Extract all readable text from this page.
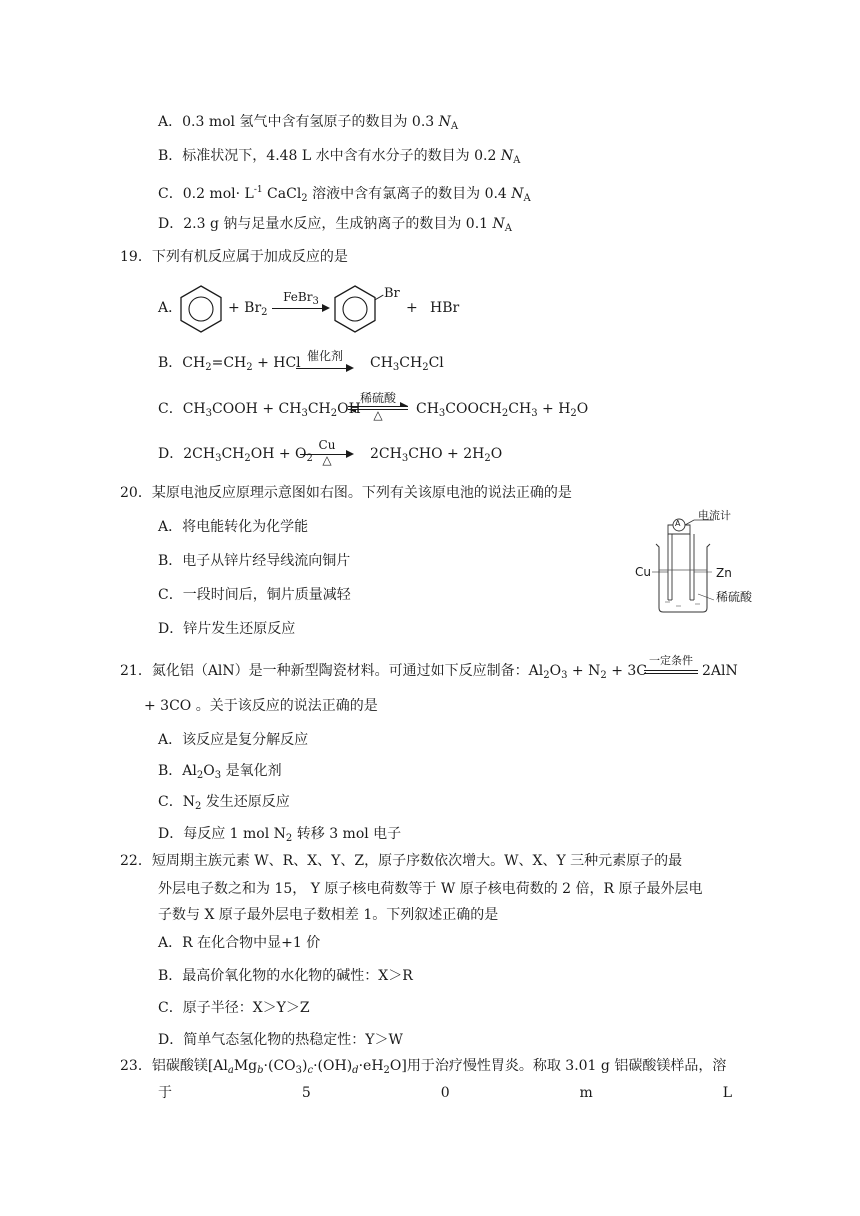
A．0.3 mol 氢气中含有氢原子的数目为 0.3 $N_A$
B．标准状况下，4.48 L 水中含有水分子的数目为 0.2 $N_A$
C．0.2 $mol\cdot L^{-1}$ CaCl$_2$ 溶液中含有氯离子的数目为 0.4 $N_A$
D．2.3 g 钠与足量水反应，生成钠离子的数目为 0.1 $N_A$
19．下列有机反应属于加成反应的是
A．	+ $Br_2$
FeBr$_3$
Br
+ HBr
B．$CH_2=CH_2$ + HCl 催化剂	$CH_3CH_2Cl$
C．$CH_3COOH + CH_3CH_2OH$
稀硫酸
△	$CH_3COOCH_2CH_3 + H_2O$
D．$2CH_3CH_2OH + O_2$
Cu
△	$2CH_3CHO + 2H_2O$
20．某原电池反应原理示意图如右图。下列有关该原电池的说法正确的是
A．将电能转化为化学能
B．电子从锌片经导线流向铜片
C．一段时间后，铜片质量减轻
D．锌片发生还原反应
A
电流计
Cu	Zn
稀硫酸
21．氮化铝（AlN）是一种新型陶瓷材料。可通过如下反应制备：$Al_2O_3 + N_2 + 3C$
一定条件
2AlN
+ 3CO 。关于该反应的说法正确的是
A．该反应是复分解反应
B．$Al_2O_3$ 是氧化剂
C．$N_2$ 发生还原反应
D．每反应 1 mol $N_2$ 转移 3 mol 电子
22．短周期主族元素 W、R、X、Y、Z，原子序数依次增大。W、X、Y 三种元素原子的最
外层电子数之和为 15， Y 原子核电荷数等于 W 原子核电荷数的 2 倍，R 原子最外层电
子数与 X 原子最外层电子数相差 1。下列叙述正确的是
A．R 在化合物中显+1 价
B．最高价氧化物的水化物的碱性：X＞R
C．原子半径：X＞Y＞Z
D．简单气态氢化物的热稳定性：Y＞W
23．铝碳酸镁$[Al_aMg_b\cdot(CO_3)_c\cdot(OH)_d\cdot eH_2O]$用于治疗慢性胃炎。称取 3.01 g 铝碳酸镁样品，溶
于	5	0	m	L
